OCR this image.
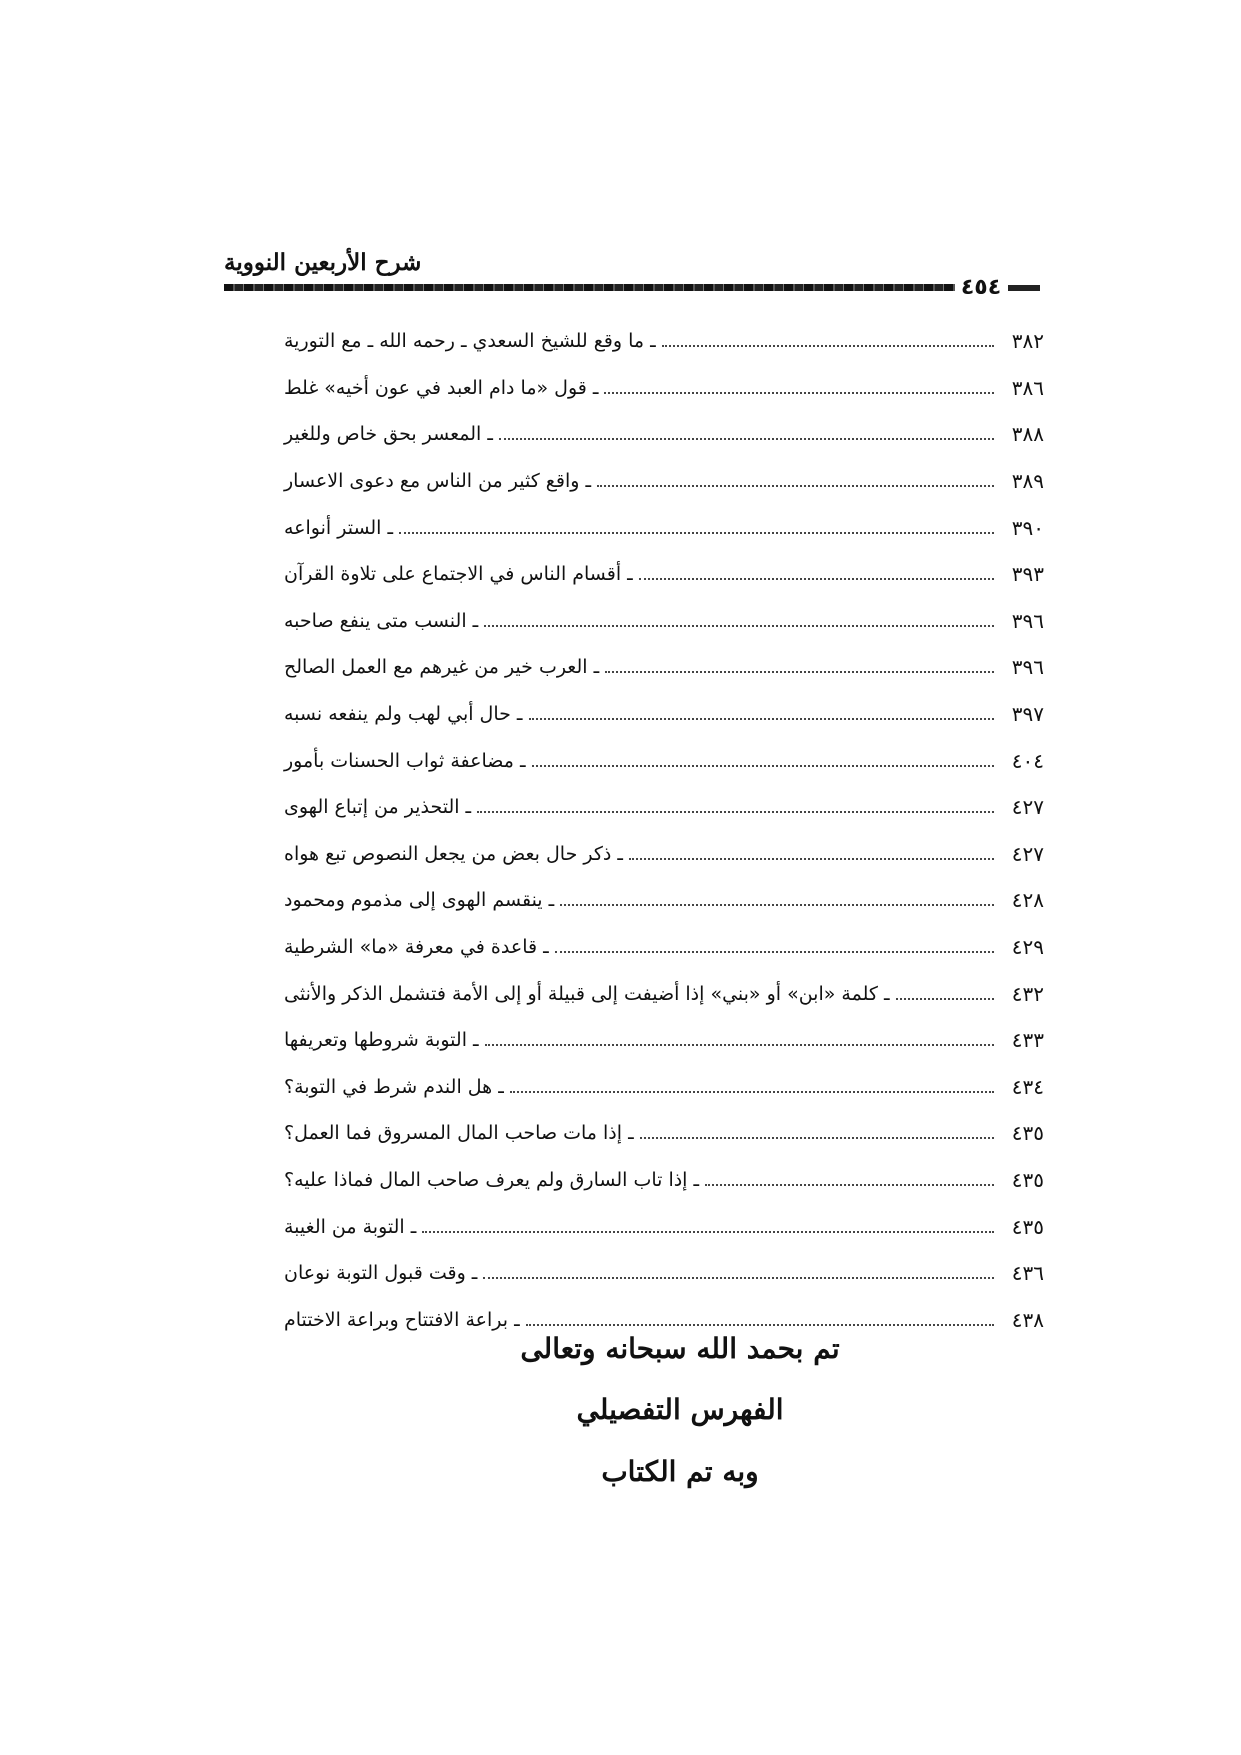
شرح الأربعين النووية
٤٥٤
ـ ما وقع للشيخ السعدي ـ رحمه الله ـ مع التورية	٣٨٢
ـ قول «ما دام العبد في عون أخيه» غلط	٣٨٦
ـ المعسر بحق خاص وللغير	٣٨٨
ـ واقع كثير من الناس مع دعوى الاعسار	٣٨٩
ـ الستر أنواعه	٣٩٠
ـ أقسام الناس في الاجتماع على تلاوة القرآن	٣٩٣
ـ النسب متى ينفع صاحبه	٣٩٦
ـ العرب خير من غيرهم مع العمل الصالح	٣٩٦
ـ حال أبي لهب ولم ينفعه نسبه	٣٩٧
ـ مضاعفة ثواب الحسنات بأمور	٤٠٤
ـ التحذير من إتباع الهوى	٤٢٧
ـ ذكر حال بعض من يجعل النصوص تبع هواه	٤٢٧
ـ ينقسم الهوى إلى مذموم ومحمود	٤٢٨
ـ قاعدة في معرفة «ما» الشرطية	٤٢٩
ـ كلمة «ابن» أو «بني» إذا أضيفت إلى قبيلة أو إلى الأمة فتشمل الذكر والأنثى	٤٣٢
ـ التوبة شروطها وتعريفها	٤٣٣
ـ هل الندم شرط في التوبة؟	٤٣٤
ـ إذا مات صاحب المال المسروق فما العمل؟	٤٣٥
ـ إذا تاب السارق ولم يعرف صاحب المال فماذا عليه؟	٤٣٥
ـ التوبة من الغيبة	٤٣٥
ـ وقت قبول التوبة نوعان	٤٣٦
ـ براعة الافتتاح وبراعة الاختتام	٤٣٨
تم بحمد الله سبحانه وتعالى
الفهرس التفصيلي
وبه تم الكتاب
